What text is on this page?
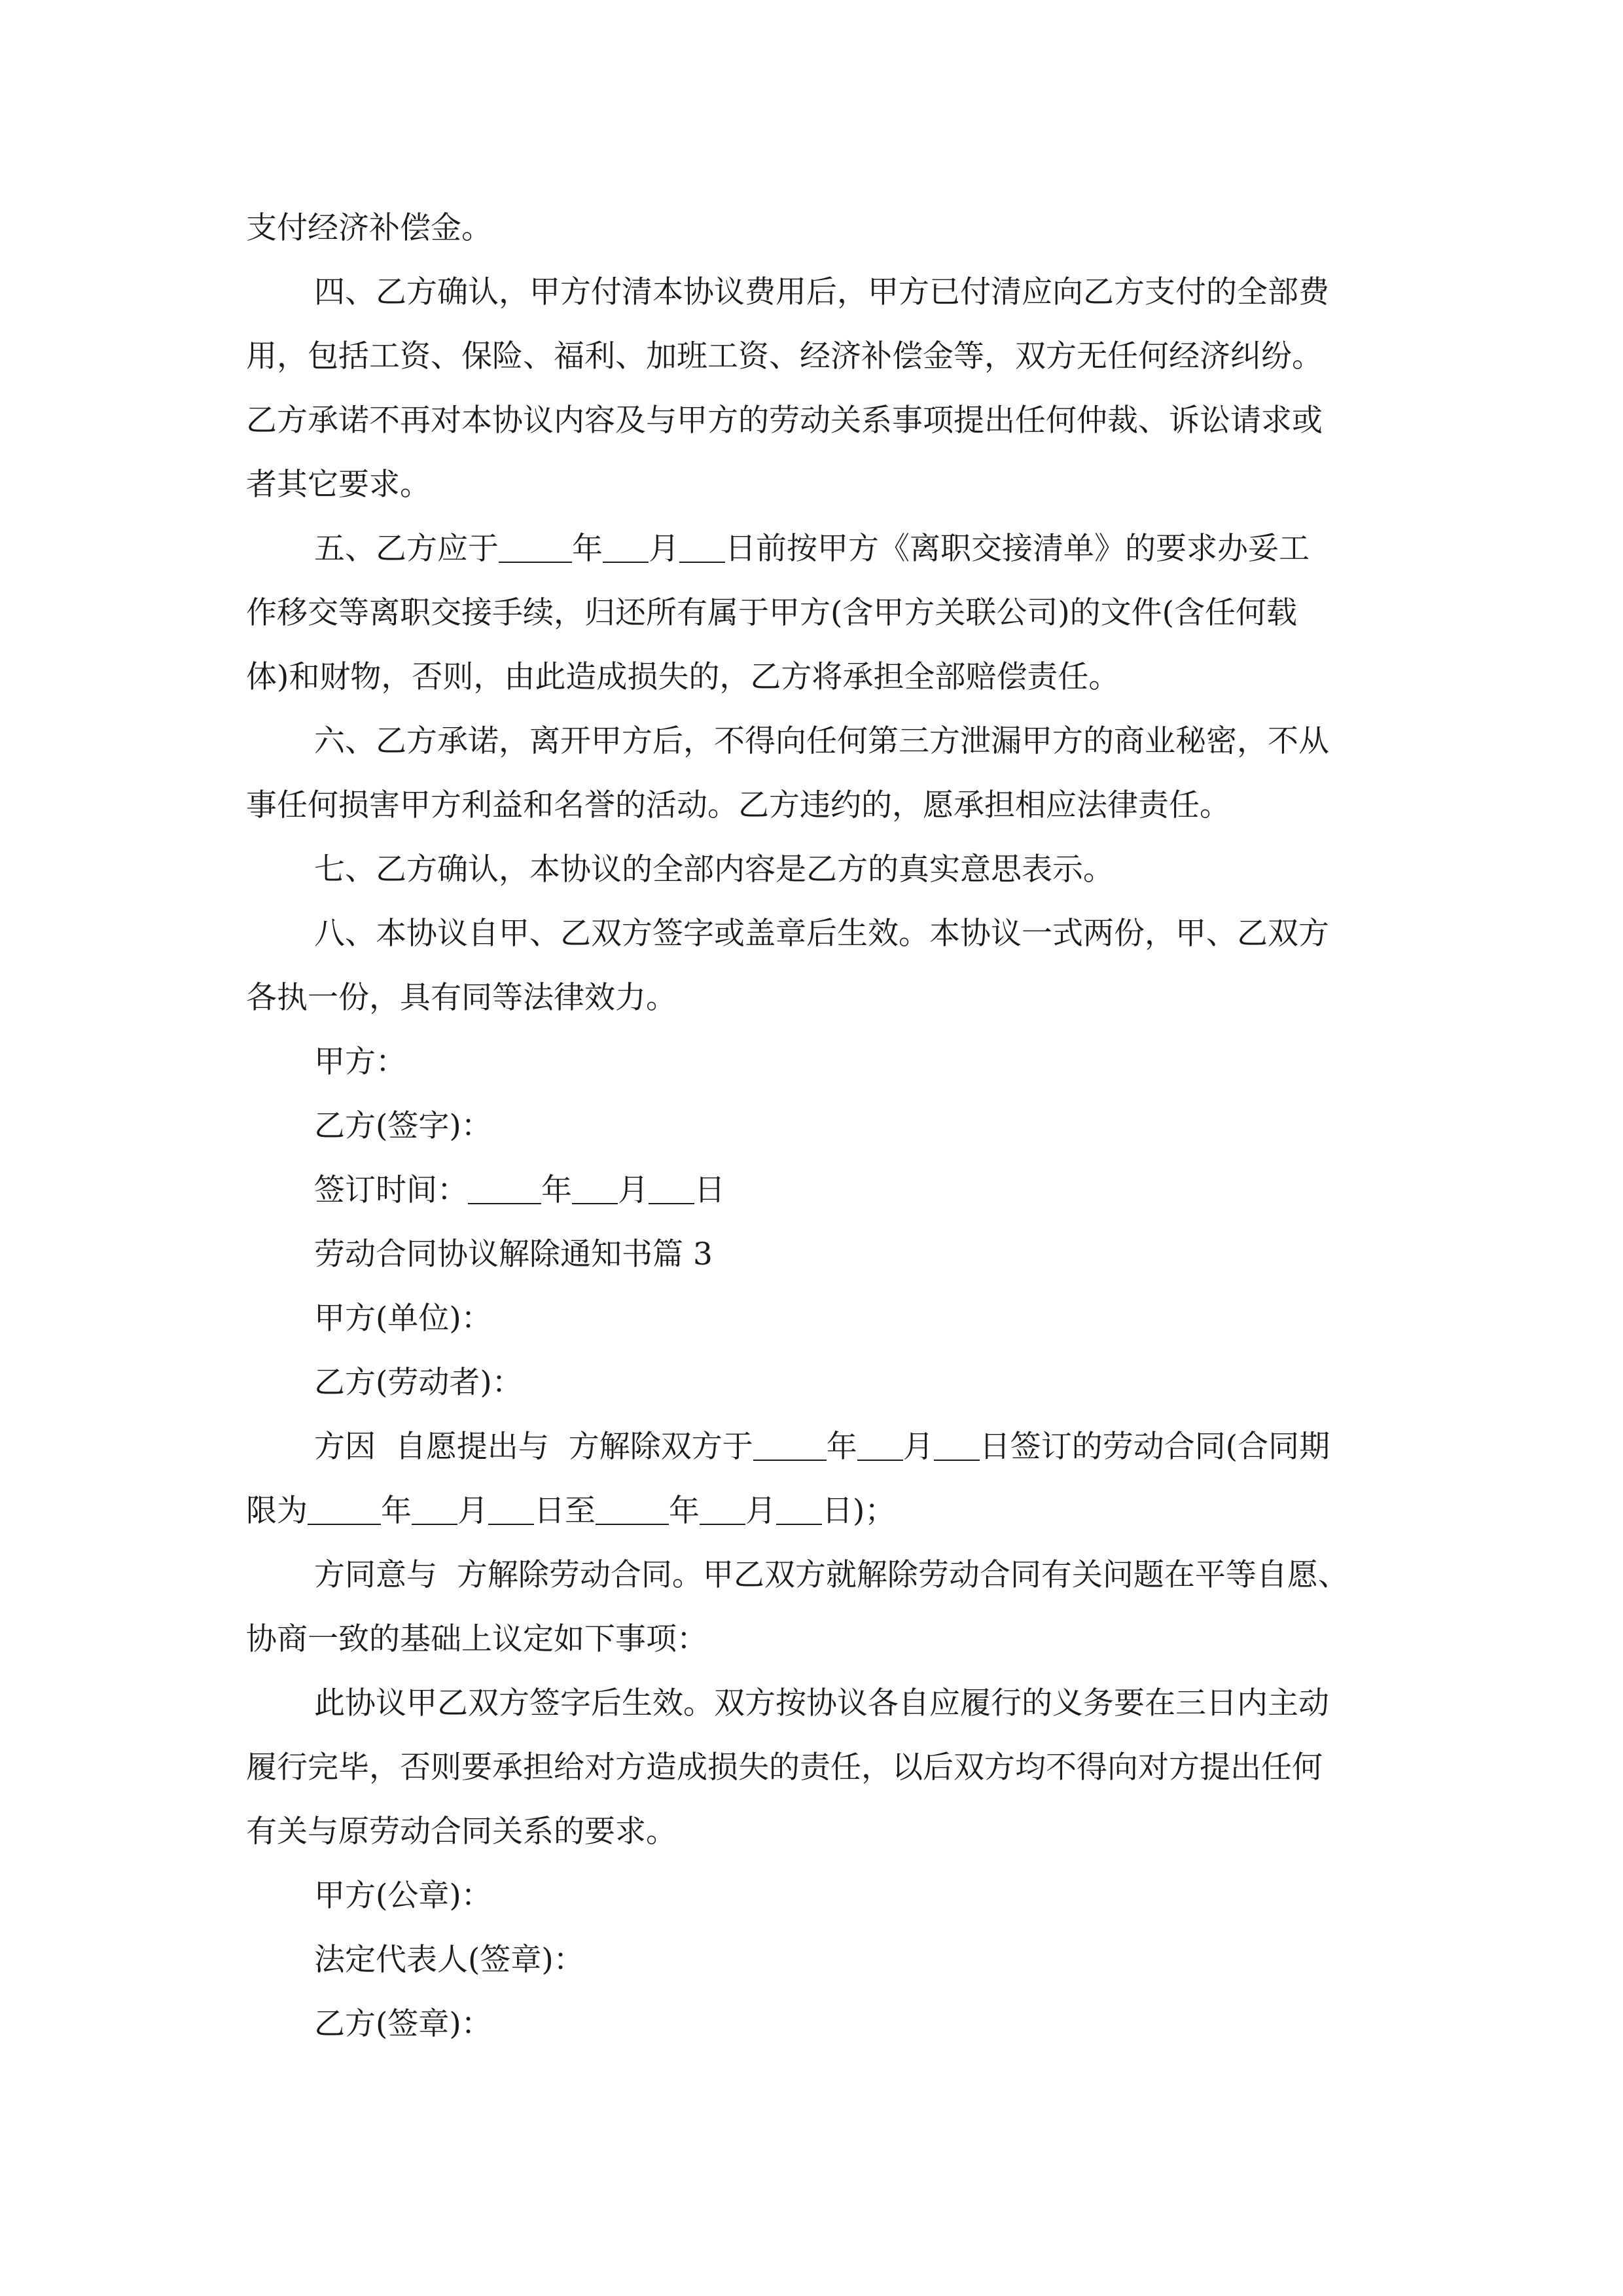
支付经济补偿金。
四、乙方确认，甲方付清本协议费用后，甲方已付清应向乙方支付的全部费
用，包括工资、保险、福利、加班工资、经济补偿金等，双方无任何经济纠纷。
乙方承诺不再对本协议内容及与甲方的劳动关系事项提出任何仲裁、诉讼请求或
者其它要求。
五、乙方应于 年 月 日前按甲方《离职交接清单》的要求办妥工
作移交等离职交接手续，归还所有属于甲方(含甲方关联公司)的文件(含任何载
体)和财物，否则，由此造成损失的，乙方将承担全部赔偿责任。
六、乙方承诺，离开甲方后，不得向任何第三方泄漏甲方的商业秘密，不从
事任何损害甲方利益和名誉的活动。乙方违约的，愿承担相应法律责任。
七、乙方确认，本协议的全部内容是乙方的真实意思表示。
八、本协议自甲、乙双方签字或盖章后生效。本协议一式两份，甲、乙双方
各执一份，具有同等法律效力。
甲方：
乙方(签字)：
签订时间： 年 月 日
劳动合同协议解除通知书篇 3
甲方(单位)：
乙方(劳动者)：
方因  自愿提出与  方解除双方于 年 月 日签订的劳动合同(合同期
限为 年 月 日至 年 月 日)；
方同意与  方解除劳动合同。甲乙双方就解除劳动合同有关问题在平等自愿、
协商一致的基础上议定如下事项：
此协议甲乙双方签字后生效。双方按协议各自应履行的义务要在三日内主动
履行完毕，否则要承担给对方造成损失的责任，以后双方均不得向对方提出任何
有关与原劳动合同关系的要求。
甲方(公章)：
法定代表人(签章)：
乙方(签章)：
